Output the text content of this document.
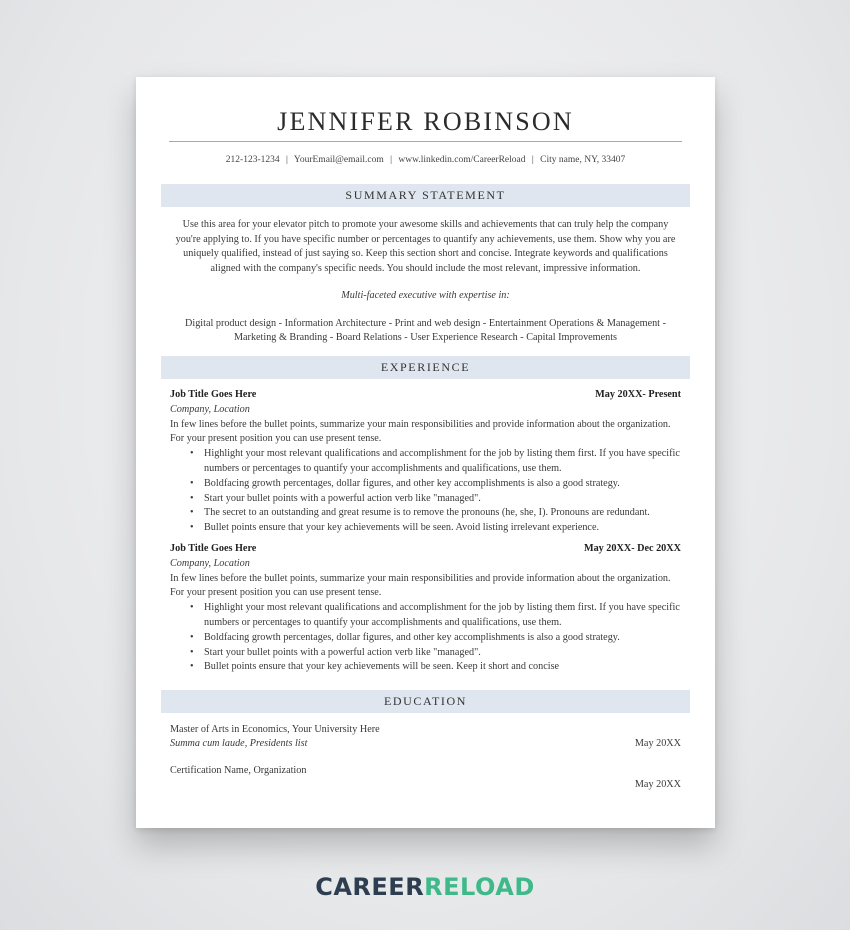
JENNIFER ROBINSON
212-123-1234 | YourEmail@email.com | www.linkedin.com/CareerReload | City name, NY, 33407
SUMMARY STATEMENT
Use this area for your elevator pitch to promote your awesome skills and achievements that can truly help the company you're applying to. If you have specific number or percentages to quantify any achievements, use them. Show why you are uniquely qualified, instead of just saying so. Keep this section short and concise. Integrate keywords and qualifications aligned with the company's specific needs. You should include the most relevant, impressive information.
Multi-faceted executive with expertise in:
Digital product design - Information Architecture - Print and web design - Entertainment Operations & Management - Marketing & Branding - Board Relations - User Experience Research - Capital Improvements
EXPERIENCE
Job Title Goes Here	May 20XX- Present
Company, Location
In few lines before the bullet points, summarize your main responsibilities and provide information about the organization. For your present position you can use present tense.
• Highlight your most relevant qualifications and accomplishment for the job by listing them first. If you have specific numbers or percentages to quantify your accomplishments and qualifications, use them.
• Boldfacing growth percentages, dollar figures, and other key accomplishments is also a good strategy.
• Start your bullet points with a powerful action verb like "managed".
• The secret to an outstanding and great resume is to remove the pronouns (he, she, I). Pronouns are redundant.
• Bullet points ensure that your key achievements will be seen. Avoid listing irrelevant experience.
Job Title Goes Here	May 20XX- Dec 20XX
Company, Location
In few lines before the bullet points, summarize your main responsibilities and provide information about the organization. For your present position you can use present tense.
• Highlight your most relevant qualifications and accomplishment for the job by listing them first. If you have specific numbers or percentages to quantify your accomplishments and qualifications, use them.
• Boldfacing growth percentages, dollar figures, and other key accomplishments is also a good strategy.
• Start your bullet points with a powerful action verb like "managed".
• Bullet points ensure that your key achievements will be seen. Keep it short and concise
EDUCATION
Master of Arts in Economics, Your University Here
Summa cum laude, Presidents list	May 20XX
Certification Name, Organization
May 20XX
CAREERRELOAD
